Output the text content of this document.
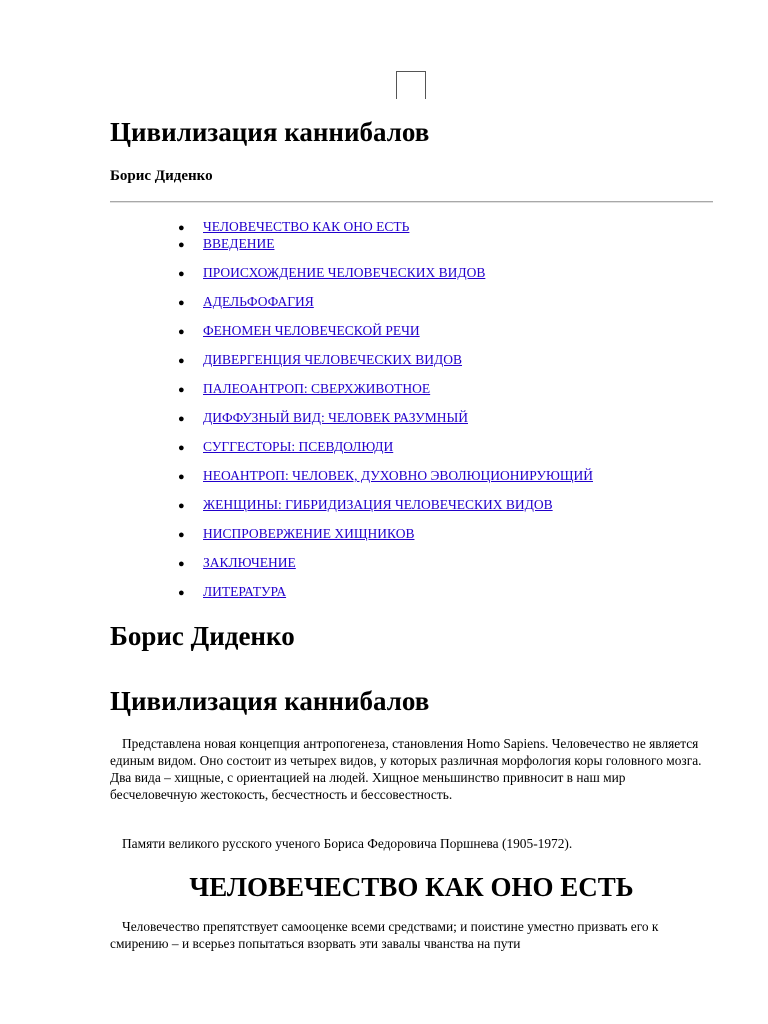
Цивилизация каннибалов

Борис Диденко

● ЧЕЛОВЕЧЕСТВО КАК ОНО ЕСТЬ
● ВВЕДЕНИЕ
● ПРОИСХОЖДЕНИЕ ЧЕЛОВЕЧЕСКИХ ВИДОВ
● АДЕЛЬФОФАГИЯ
● ФЕНОМЕН ЧЕЛОВЕЧЕСКОЙ РЕЧИ
● ДИВЕРГЕНЦИЯ ЧЕЛОВЕЧЕСКИХ ВИДОВ
● ПАЛЕОАНТРОП: СВЕРХЖИВОТНОЕ
● ДИФФУЗНЫЙ ВИД: ЧЕЛОВЕК РАЗУМНЫЙ
● СУГГЕСТОРЫ: ПСЕВДОЛЮДИ
● НЕОАНТРОП: ЧЕЛОВЕК, ДУХОВНО ЭВОЛЮЦИОНИРУЮЩИЙ
● ЖЕНЩИНЫ: ГИБРИДИЗАЦИЯ ЧЕЛОВЕЧЕСКИХ ВИДОВ
● НИСПРОВЕРЖЕНИЕ ХИЩНИКОВ
● ЗАКЛЮЧЕНИЕ
● ЛИТЕРАТУРА
Борис Диденко
Цивилизация каннибалов

Представлена новая концепция антропогенеза, становления Homo Sapiens. Человечество не является единым видом. Оно состоит из четырех видов, у которых различная морфология коры головного мозга. Два вида – хищные, с ориентацией на людей. Хищное меньшинство привносит в наш мир бесчеловечную жестокость, бесчестность и бессовестность.

Памяти великого русского ученого Бориса Федоровича Поршнева (1905-1972).

ЧЕЛОВЕЧЕСТВО КАК ОНО ЕСТЬ

Человечество препятствует самооценке всеми средствами; и поистине уместно призвать его к смирению – и всерьез попытаться взорвать эти завалы чванства на пути
